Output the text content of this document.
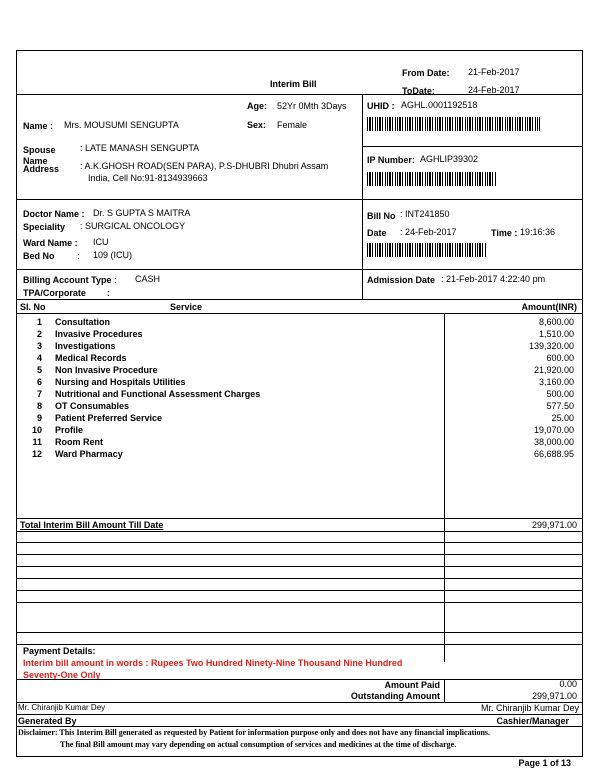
Interim Bill
From Date: 21-Feb-2017
ToDate:	24-Feb-2017
Age: 52Yr 0Mth 3Days
Name : Mrs. MOUSUMI SENGUPTA	Sex: Female
Spouse	: LATE MANASH SENGUPTA
Name
Address : A.K.GHOSH ROAD(SEN PARA), P.S-DHUBRI Dhubri Assam
India, Cell No:91-8134939663
UHID : AGHL.0001192518
IP Number: AGHLIP39302
Doctor Name : Dr. S GUPTA S MAITRA
Speciality : SURGICAL ONCOLOGY
Ward Name : ICU
Bed No	: 109 (ICU)
Bill No : INT241850
Date : 24-Feb-2017	Time : 19:16:36
Billing Account Type : CASH
TPA/Corporate :
Admission Date : 21-Feb-2017 4:22:40 pm
Sl. No	Service	Amount(INR)
1 Consultation	8,600.00
2 Invasive Procedures	1,510.00
3 Investigations	139,320.00
4 Medical Records	600.00
5 Non Invasive Procedure	21,920.00
6 Nursing and Hospitals Utilities	3,160.00
7 Nutritional and Functional Assessment Charges	500.00
8 OT Consumables	577.50
9 Patient Preferred Service	25.00
10 Profile	19,070.00
11 Room Rent	38,000.00
12 Ward Pharmacy	66,688.95
Total Interim Bill Amount Till Date	299,971.00
Payment Details:
Interim bill amount in words : Rupees Two Hundred Ninety-Nine Thousand Nine Hundred
Seventy-One Only
Amount Paid	0.00
Outstanding Amount	299,971.00
Mr. Chiranjib Kumar Dey	Mr. Chiranjib Kumar Dey
Generated By	Cashier/Manager
Disclaimer: This Interim Bill generated as requested by Patient for information purpose only and does not have any financial implications.
The final Bill amount may vary depending on actual consumption of services and medicines at the time of discharge.
Page 1 of 13
